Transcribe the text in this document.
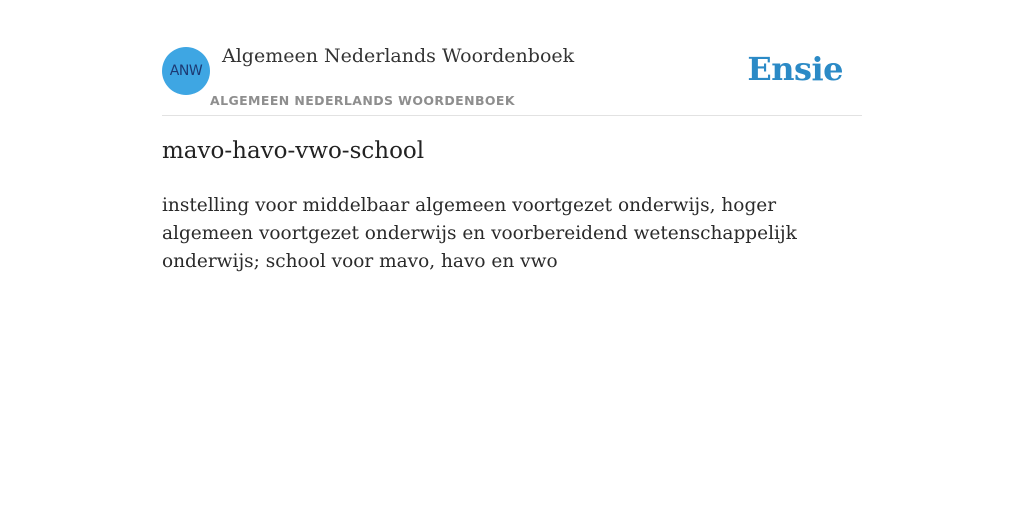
ANW
Algemeen Nederlands Woordenboek
ALGEMEEN NEDERLANDS WOORDENBOEK
Ensie
mavo-havo-vwo-school
instelling voor middelbaar algemeen voortgezet onderwijs, hoger algemeen voortgezet onderwijs en voorbereidend wetenschappelijk onderwijs; school voor mavo, havo en vwo
